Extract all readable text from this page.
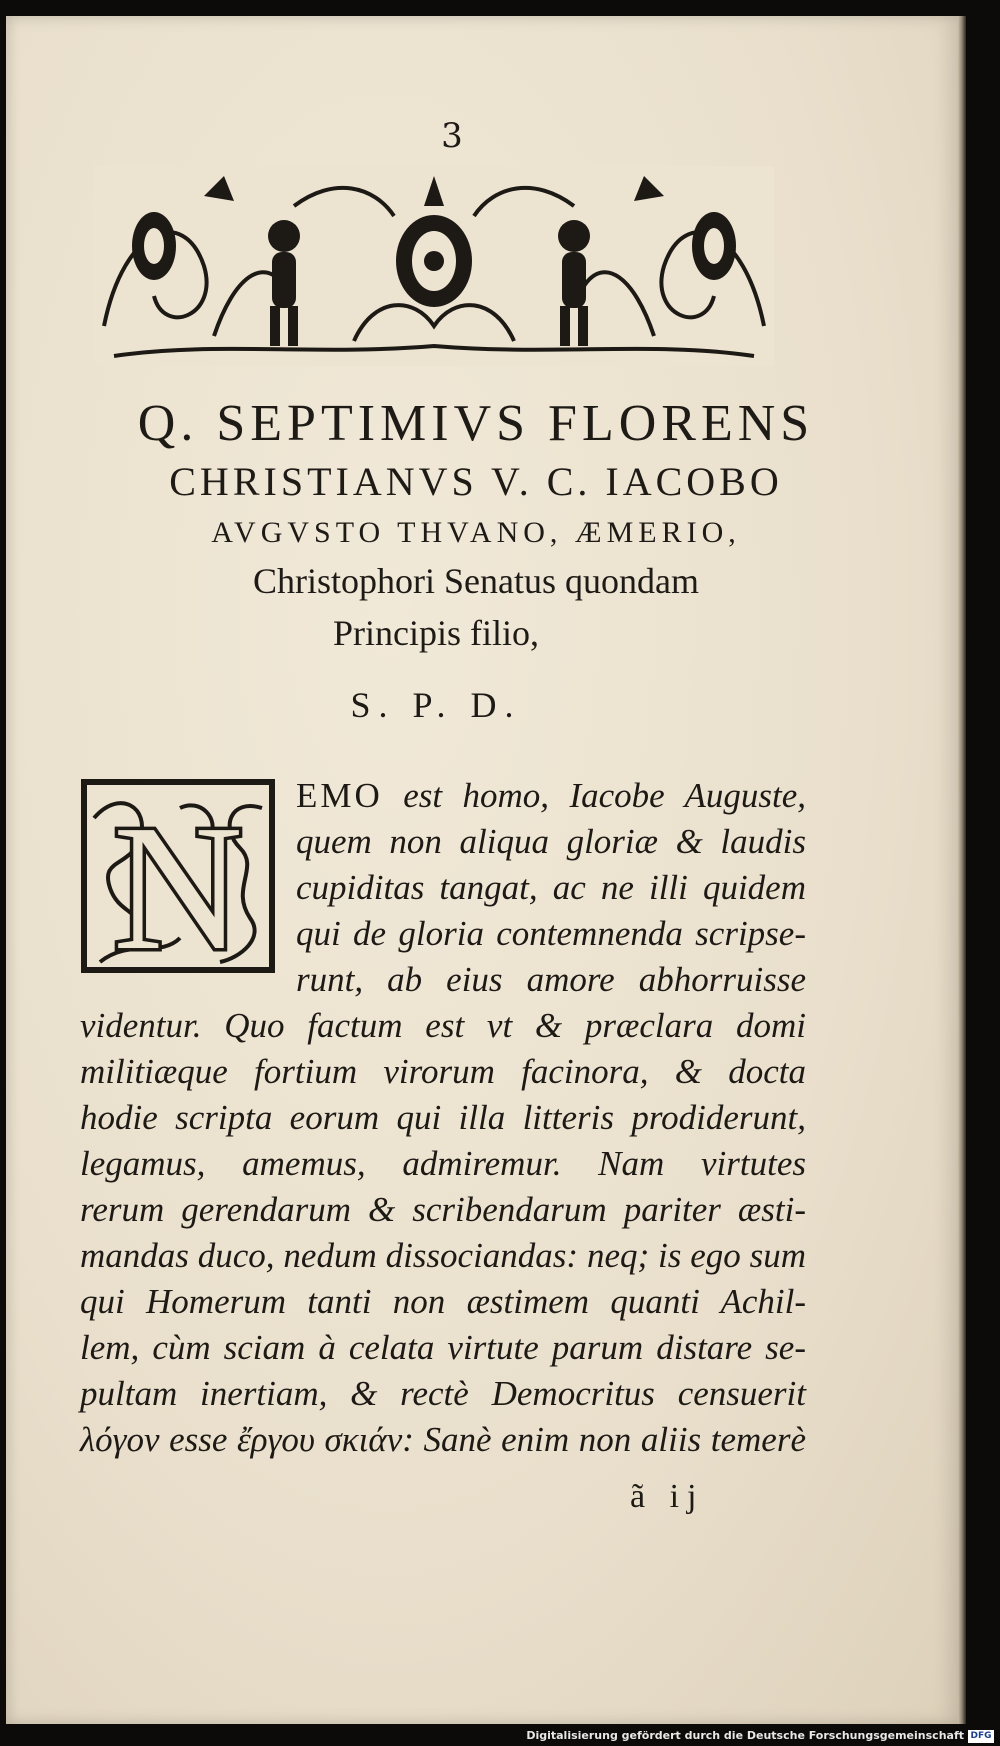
3
Q. SEPTIMIVS FLORENS
CHRISTIANVS V. C. IACOBO
AVGVSTO THVANO, ÆMERIO,
Christophori Senatus quondam
Principis filio,
S. P. D.
N EMO est homo, Iacobe Auguste,

quem non aliqua gloriæ & laudis

cupiditas tangat, ac ne illi quidem

qui de gloria contemnenda scripse-

runt, ab eius amore abhorruisse

videntur. Quo factum est vt & præclara domi

militiæque fortium virorum facinora, & docta

hodie scripta eorum qui illa litteris prodiderunt,

legamus, amemus, admiremur. Nam virtutes

rerum gerendarum & scribendarum pariter æsti-

mandas duco, nedum dissociandas: neq; is ego sum

qui Homerum tanti non æstimem quanti Achil-

lem, cùm sciam à celata virtute parum distare se-

pultam inertiam, & rectè Democritus censuerit

λόγον esse ἔργου σκιάν: Sanè enim non aliis temerè

ã ij

Digitalisierung gefördert durch die Deutsche Forschungsgemeinschaft DFG
